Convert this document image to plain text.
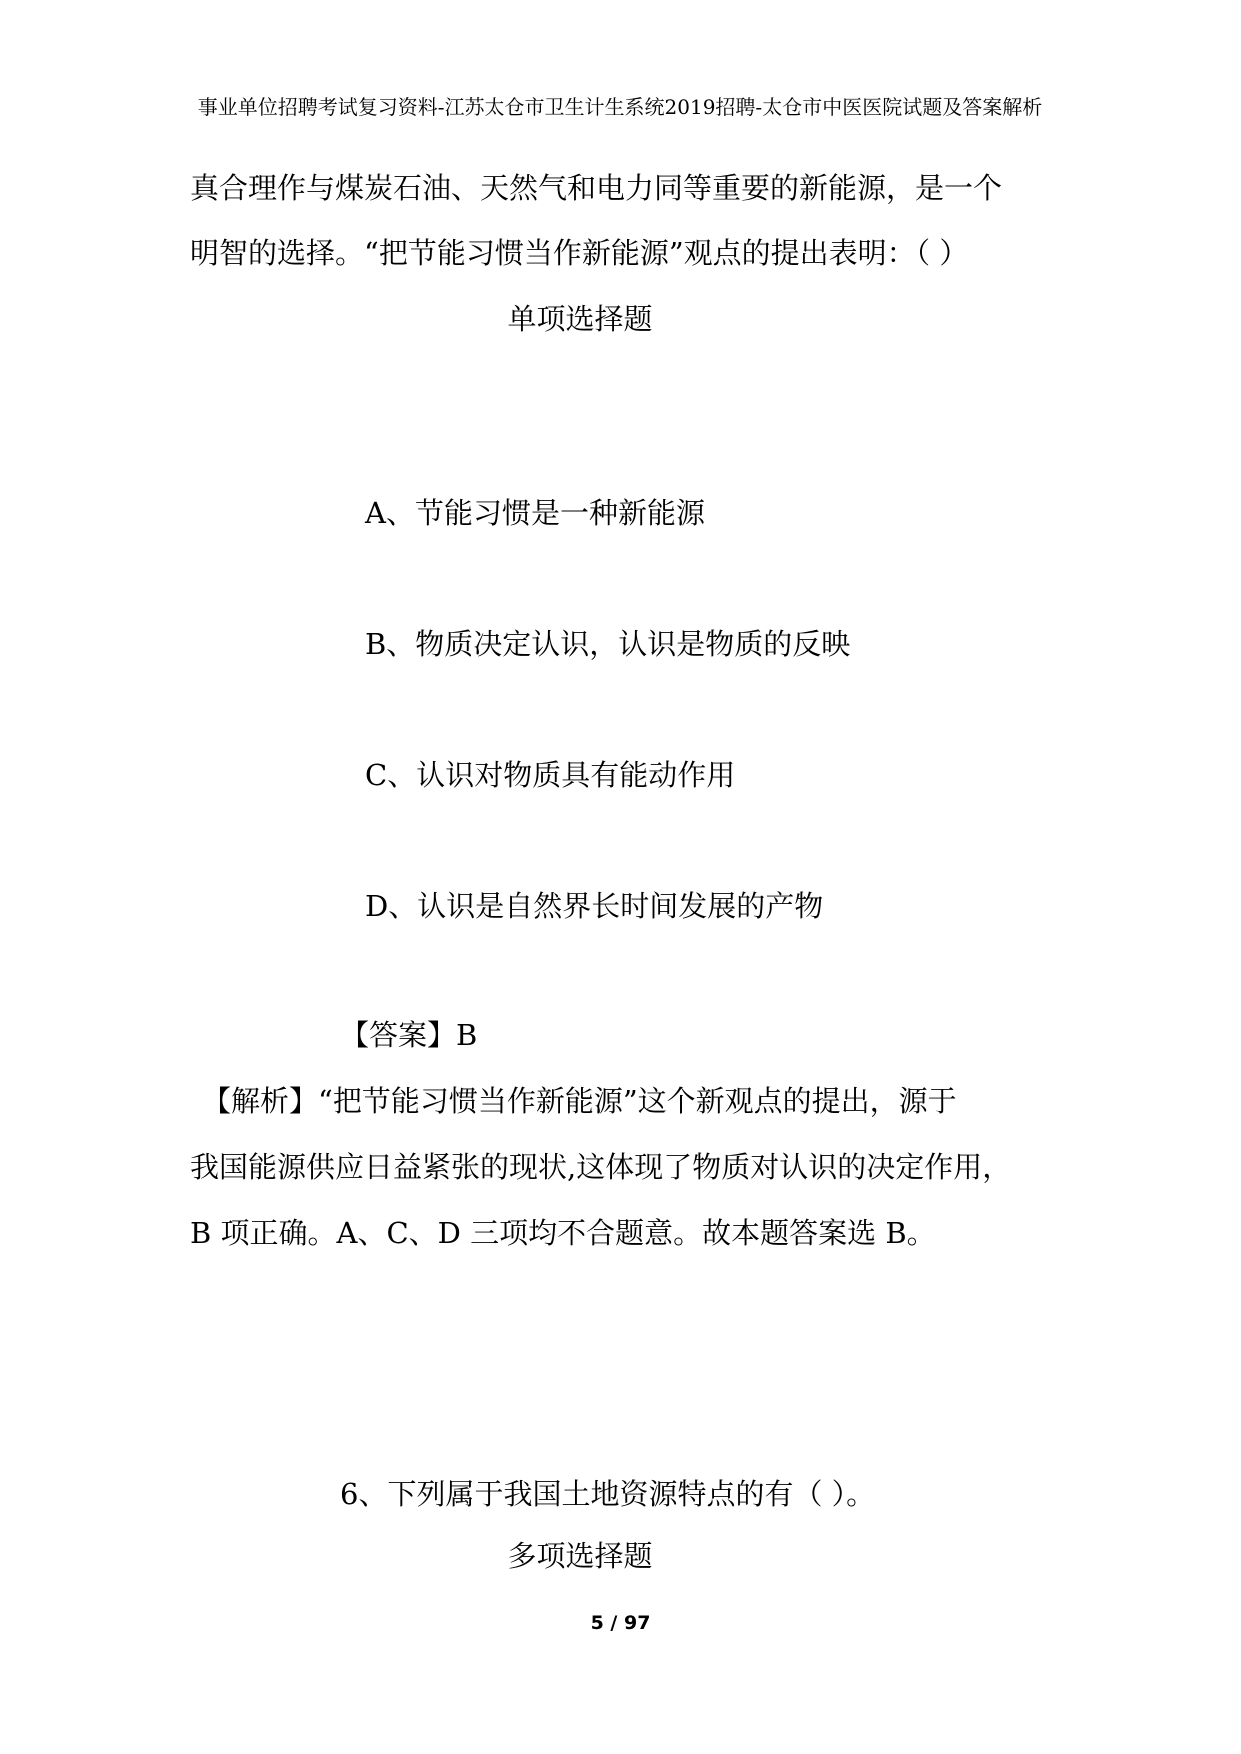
事业单位招聘考试复习资料-江苏太仓市卫生计生系统2019招聘-太仓市中医医院试题及答案解析

真合理作与煤炭石油、天然气和电力同等重要的新能源，是一个

明智的选择。“把节能习惯当作新能源”观点的提出表明：（ ）

单项选择题

A、节能习惯是一种新能源

B、物质决定认识，认识是物质的反映

C、认识对物质具有能动作用

D、认识是自然界长时间发展的产物

【答案】B

【解析】“把节能习惯当作新能源”这个新观点的提出，源于

我国能源供应日益紧张的现状,这体现了物质对认识的决定作用，

B 项正确。A、C、D 三项均不合题意。故本题答案选 B。

6、下列属于我国土地资源特点的有（ ）。

多项选择题

5 / 97
